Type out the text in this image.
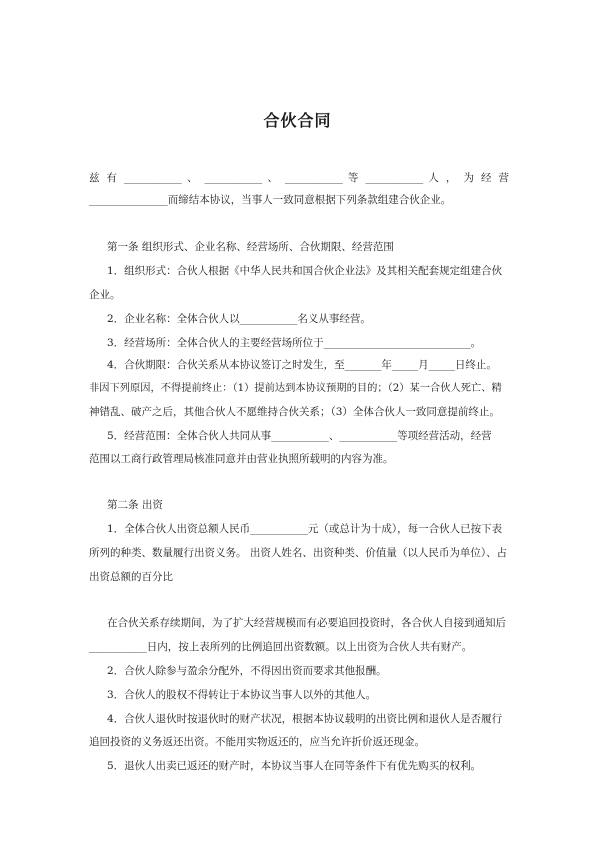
合伙合同

兹 有 ___________ 、 ___________ 、 ___________ 等 ___________ 人 ， 为 经 营

_______________而缔结本协议，当事人一致同意根据下列条款组建合伙企业。

第一条 组织形式、企业名称、经营场所、合伙期限、经营范围

1．组织形式：合伙人根据《中华人民共和国合伙企业法》及其相关配套规定组建合伙

企业。

2．企业名称：全体合伙人以___________名义从事经营。

3．经营场所：全体合伙人的主要经营场所位于____________________________。

4．合伙期限：合伙关系从本协议签订之时发生，至_______年_____月_____日终止。

非因下列原因，不得提前终止：（1）提前达到本协议预期的目的；（2）某一合伙人死亡、精

神错乱、破产之后，其他合伙人不愿维持合伙关系；（3）全体合伙人一致同意提前终止。

5．经营范围：全体合伙人共同从事___________、___________等项经营活动，经营

范围以工商行政管理局核准同意并由营业执照所载明的内容为准。

第二条 出资

1．全体合伙人出资总额人民币___________元（或总计为十成），每一合伙人已按下表

所列的种类、数量履行出资义务。 出资人姓名、出资种类、价值量（以人民币为单位）、占

出资总额的百分比

在合伙关系存续期间，为了扩大经营规模而有必要追回投资时，各合伙人自接到通知后

___________日内，按上表所列的比例追回出资数额。以上出资为合伙人共有财产。

2．合伙人除参与盈余分配外，不得因出资而要求其他报酬。

3．合伙人的股权不得转让于本协议当事人以外的其他人。

4．合伙人退伙时按退伙时的财产状况，根据本协议载明的出资比例和退伙人是否履行

追回投资的义务返还出资。不能用实物返还的，应当允许折价返还现金。

5．退伙人出卖已返还的财产时，本协议当事人在同等条件下有优先购买的权利。
